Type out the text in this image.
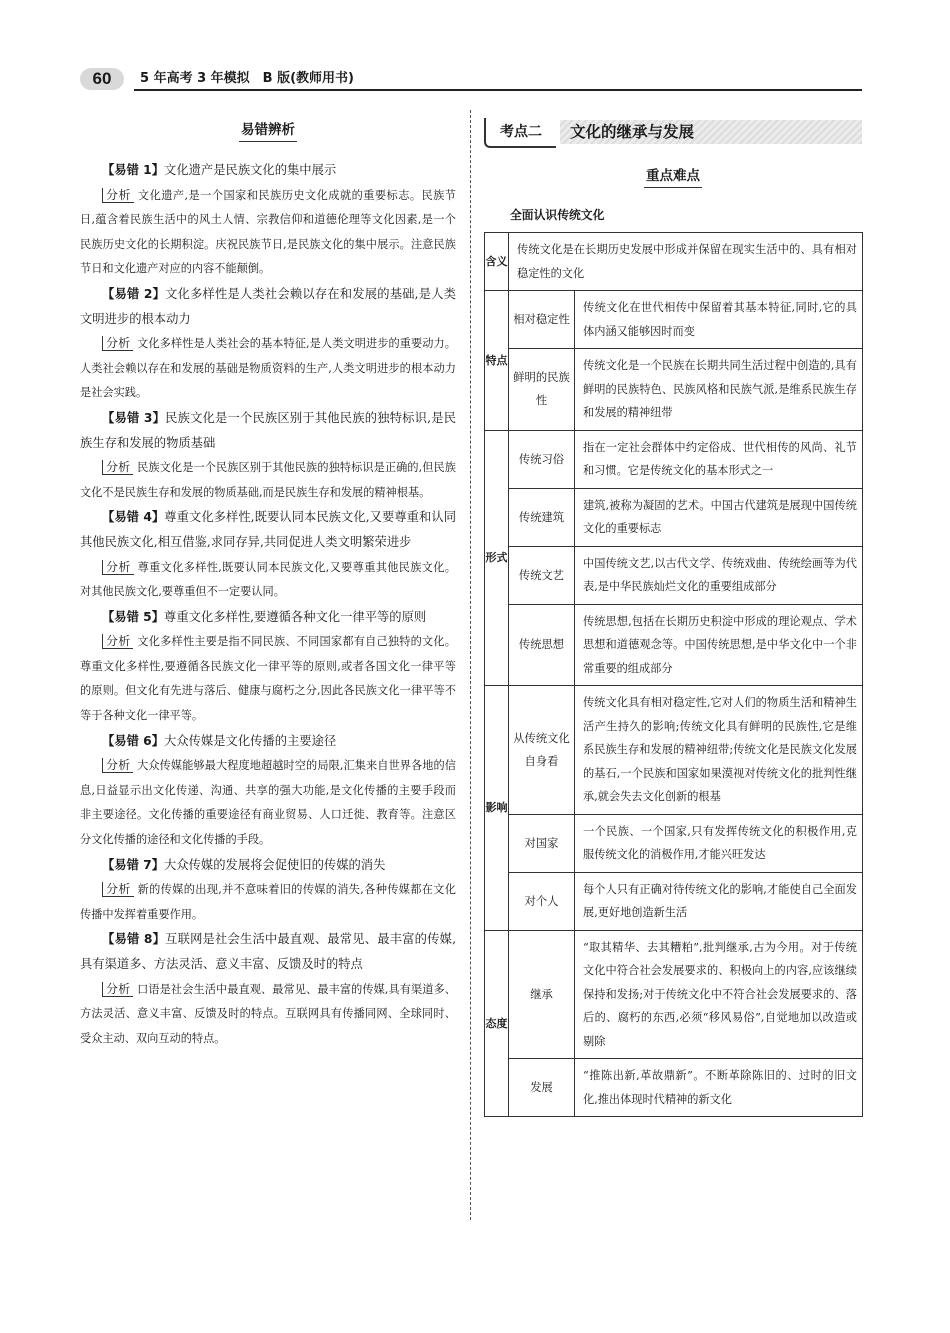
60	5 年高考 3 年模拟　B 版(教师用书)
易错辨析

【易错 1】文化遗产是民族文化的集中展示

分析 文化遗产,是一个国家和民族历史文化成就的重要标志。民族节日,蕴含着民族生活中的风土人情、宗教信仰和道德伦理等文化因素,是一个民族历史文化的长期积淀。庆祝民族节日,是民族文化的集中展示。注意民族节日和文化遗产对应的内容不能颠倒。

【易错 2】文化多样性是人类社会赖以存在和发展的基础,是人类文明进步的根本动力

分析 文化多样性是人类社会的基本特征,是人类文明进步的重要动力。人类社会赖以存在和发展的基础是物质资料的生产,人类文明进步的根本动力是社会实践。

【易错 3】民族文化是一个民族区别于其他民族的独特标识,是民族生存和发展的物质基础

分析 民族文化是一个民族区别于其他民族的独特标识是正确的,但民族文化不是民族生存和发展的物质基础,而是民族生存和发展的精神根基。

【易错 4】尊重文化多样性,既要认同本民族文化,又要尊重和认同其他民族文化,相互借鉴,求同存异,共同促进人类文明繁荣进步

分析 尊重文化多样性,既要认同本民族文化,又要尊重其他民族文化。对其他民族文化,要尊重但不一定要认同。

【易错 5】尊重文化多样性,要遵循各种文化一律平等的原则

分析 文化多样性主要是指不同民族、不同国家都有自己独特的文化。尊重文化多样性,要遵循各民族文化一律平等的原则,或者各国文化一律平等的原则。但文化有先进与落后、健康与腐朽之分,因此各民族文化一律平等不等于各种文化一律平等。

【易错 6】大众传媒是文化传播的主要途径

分析 大众传媒能够最大程度地超越时空的局限,汇集来自世界各地的信息,日益显示出文化传递、沟通、共享的强大功能,是文化传播的主要手段而非主要途径。文化传播的重要途径有商业贸易、人口迁徙、教育等。注意区分文化传播的途径和文化传播的手段。

【易错 7】大众传媒的发展将会促使旧的传媒的消失

分析 新的传媒的出现,并不意味着旧的传媒的消失,各种传媒都在文化传播中发挥着重要作用。

【易错 8】互联网是社会生活中最直观、最常见、最丰富的传媒,具有渠道多、方法灵活、意义丰富、反馈及时的特点

分析 口语是社会生活中最直观、最常见、最丰富的传媒,具有渠道多、方法灵活、意义丰富、反馈及时的特点。互联网具有传播同网、全球同时、受众主动、双向互动的特点。

考点二	文化的继承与发展
重点难点
全面认识传统文化
含义
传统文化是在长期历史发展中形成并保留在现实生活中的、具有相对稳定性的文化
特点
相对稳定性
传统文化在世代相传中保留着其基本特征,同时,它的具体内涵又能够因时而变
鲜明的民族性
传统文化是一个民族在长期共同生活过程中创造的,具有鲜明的民族特色、民族风格和民族气派,是维系民族生存和发展的精神纽带
形式
传统习俗
指在一定社会群体中约定俗成、世代相传的风尚、礼节和习惯。它是传统文化的基本形式之一
传统建筑
建筑,被称为凝固的艺术。中国古代建筑是展现中国传统文化的重要标志
传统文艺
中国传统文艺,以古代文学、传统戏曲、传统绘画等为代表,是中华民族灿烂文化的重要组成部分
传统思想
传统思想,包括在长期历史积淀中形成的理论观点、学术思想和道德观念等。中国传统思想,是中华文化中一个非常重要的组成部分
影响
从传统文化自身看
传统文化具有相对稳定性,它对人们的物质生活和精神生活产生持久的影响;传统文化具有鲜明的民族性,它是维系民族生存和发展的精神纽带;传统文化是民族文化发展的基石,一个民族和国家如果漠视对传统文化的批判性继承,就会失去文化创新的根基
对国家
一个民族、一个国家,只有发挥传统文化的积极作用,克服传统文化的消极作用,才能兴旺发达
对个人
每个人只有正确对待传统文化的影响,才能使自己全面发展,更好地创造新生活
态度
继承
“取其精华、去其糟粕”,批判继承,古为今用。对于传统文化中符合社会发展要求的、积极向上的内容,应该继续保持和发扬;对于传统文化中不符合社会发展要求的、落后的、腐朽的东西,必须“移风易俗”,自觉地加以改造或剔除
发展
“推陈出新,革故鼎新”。不断革除陈旧的、过时的旧文化,推出体现时代精神的新文化
